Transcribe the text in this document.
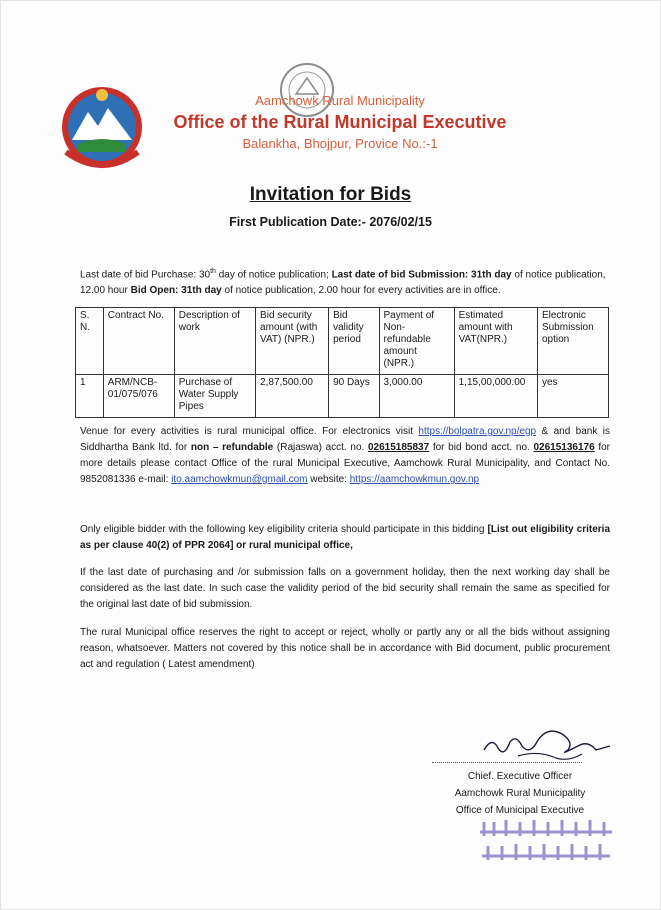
Aamchowk Rural Municipality
Office of the Rural Municipal Executive
Balankha, Bhojpur, Provice No.:-1
Invitation for Bids
First Publication Date:- 2076/02/15
Last date of bid Purchase: 30th day of notice publication; Last date of bid Submission: 31th day of notice publication, 12.00 hour Bid Open: 31th day of notice publication, 2.00 hour for every activities are in office.
S. N.	Contract No.	Description of work	Bid security amount (with VAT) (NPR.)	Bid validity period	Payment of Non-refundable amount (NPR.)	Estimated amount with VAT(NPR.)	Electronic Submission option
1	ARM/NCB-01/075/076	Purchase of Water Supply Pipes	2,87,500.00	90 Days	3,000.00	1,15,00,000.00	yes
Venue for every activities is rural municipal office. For electronics visit https://bolpatra.gov.np/egp & and bank is Siddhartha Bank ltd. for non – refundable (Rajaswa) acct. no. 02615185837 for bid bond acct. no. 02615136176 for more details please contact Office of the rural Municipal Executive, Aamchowk Rural Municipality, and Contact No. 9852081336 e-mail: ito.aamchowkmun@gmail.com website: https://aamchowkmun.gov.np
Only eligible bidder with the following key eligibility criteria should participate in this bidding [List out eligibility criteria as per clause 40(2) of PPR 2064] or rural municipal office,
If the last date of purchasing and /or submission falls on a government holiday, then the next working day shall be considered as the last date. In such case the validity period of the bid security shall remain the same as specified for the original last date of bid submission.
The rural Municipal office reserves the right to accept or reject, wholly or partly any or all the bids without assigning reason, whatsoever. Matters not covered by this notice shall be in accordance with Bid document, public procurement act and regulation ( Latest amendment)
Chief. Executive Officer
Aamchowk Rural Municipality
Office of Municipal Executive
